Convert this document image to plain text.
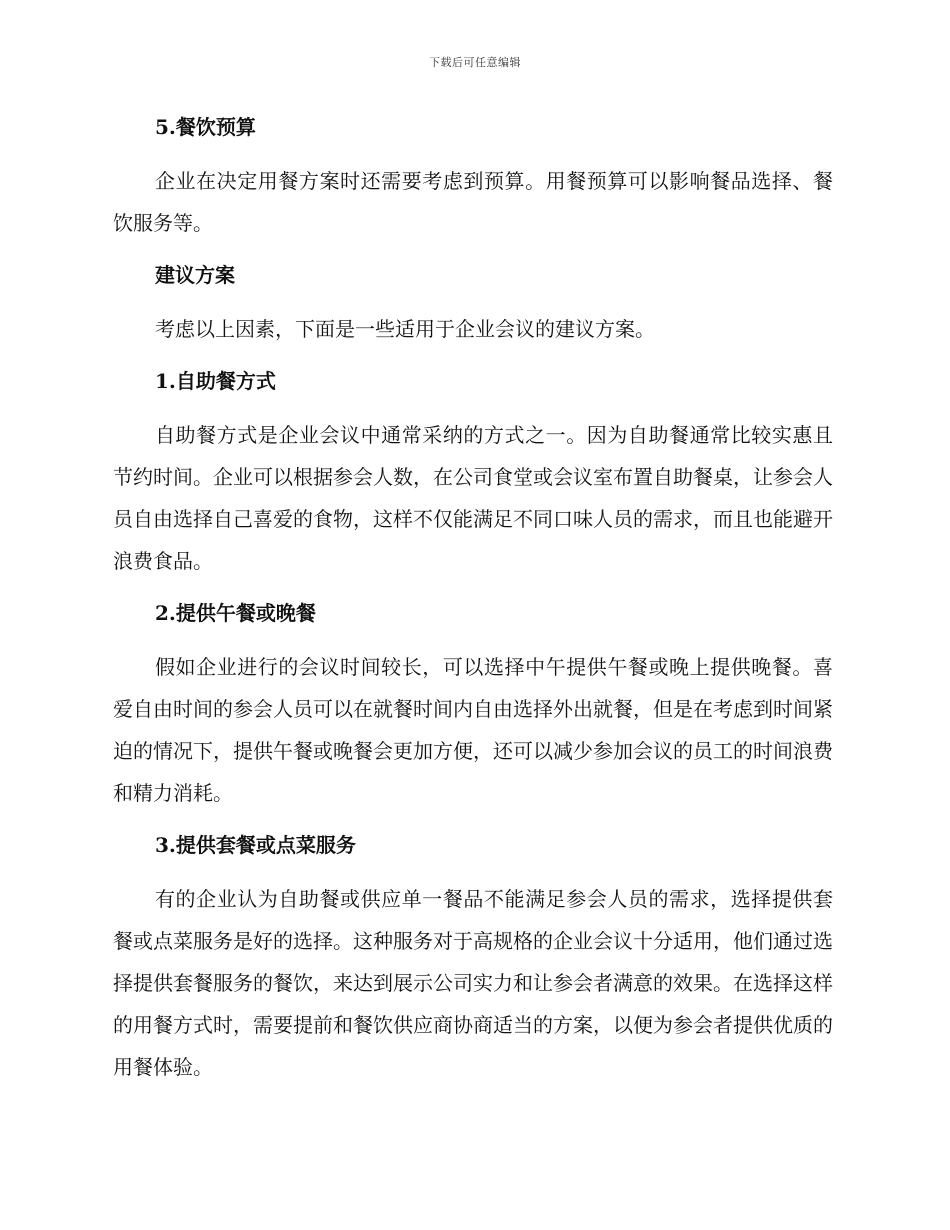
下载后可任意编辑
5.餐饮预算

企业在决定用餐方案时还需要考虑到预算。用餐预算可以影响餐品选择、餐饮服务等。

建议方案

考虑以上因素，下面是一些适用于企业会议的建议方案。

1.自助餐方式

自助餐方式是企业会议中通常采纳的方式之一。因为自助餐通常比较实惠且节约时间。企业可以根据参会人数，在公司食堂或会议室布置自助餐桌，让参会人员自由选择自己喜爱的食物，这样不仅能满足不同口味人员的需求，而且也能避开浪费食品。

2.提供午餐或晚餐

假如企业进行的会议时间较长，可以选择中午提供午餐或晚上提供晚餐。喜爱自由时间的参会人员可以在就餐时间内自由选择外出就餐，但是在考虑到时间紧迫的情况下，提供午餐或晚餐会更加方便，还可以减少参加会议的员工的时间浪费和精力消耗。

3.提供套餐或点菜服务

有的企业认为自助餐或供应单一餐品不能满足参会人员的需求，选择提供套餐或点菜服务是好的选择。这种服务对于高规格的企业会议十分适用，他们通过选择提供套餐服务的餐饮，来达到展示公司实力和让参会者满意的效果。在选择这样的用餐方式时，需要提前和餐饮供应商协商适当的方案，以便为参会者提供优质的用餐体验。
